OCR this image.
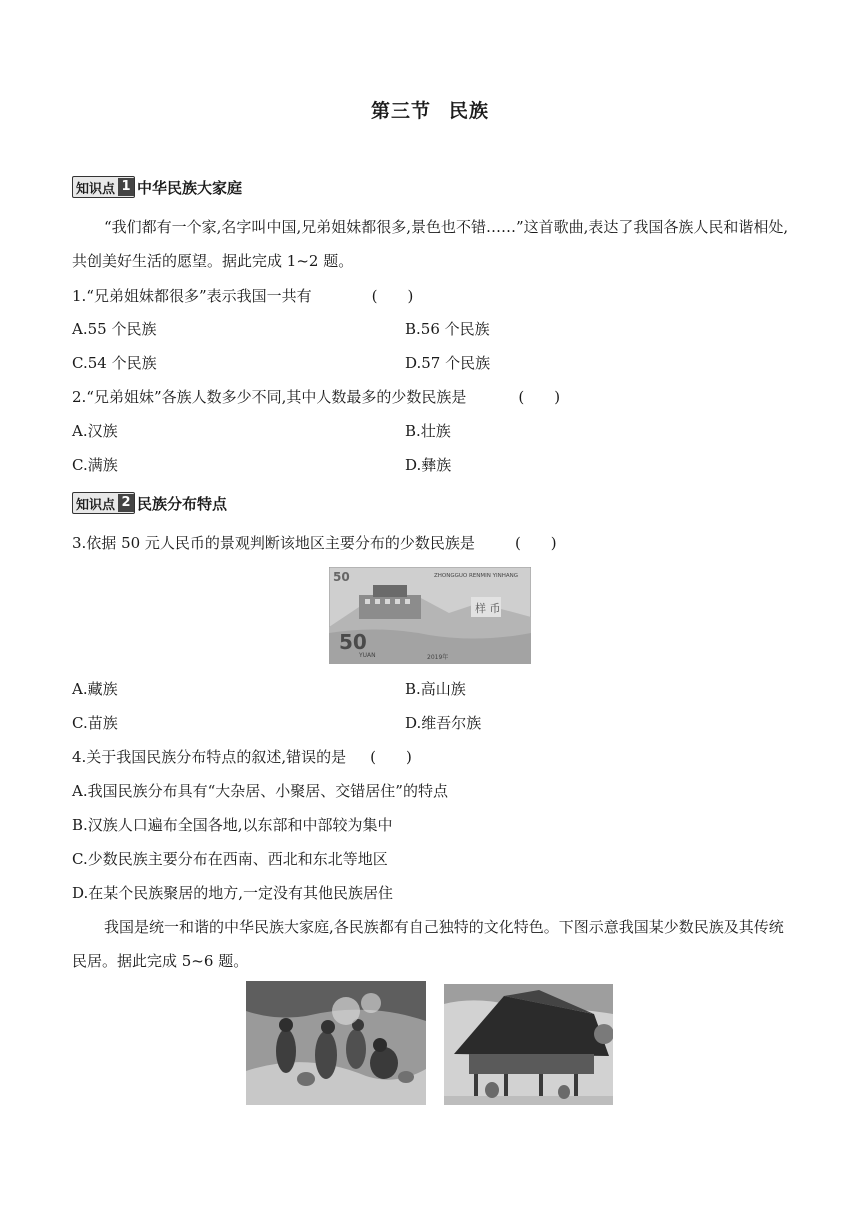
第三节 民族
知识点 1 中华民族大家庭
“我们都有一个家,名字叫中国,兄弟姐妹都很多,景色也不错……”这首歌曲,表达了我国各族人民和谐相处,共创美好生活的愿望。据此完成 1~2 题。
1.“兄弟姐妹都很多”表示我国一共有	(　　)
A.55 个民族	B.56 个民族
C.54 个民族	D.57 个民族
2.“兄弟姐妹”各族人数多少不同,其中人数最多的少数民族是	(　　)
A.汉族	B.壮族
C.满族	D.彝族
知识点 2 民族分布特点
3.依据 50 元人民币的景观判断该地区主要分布的少数民族是	(　　)
50	ZHONGGUO RENMIN YINHANG
样 币
50
YUAN	2019年
A.藏族	B.高山族
C.苗族	D.维吾尔族
4.关于我国民族分布特点的叙述,错误的是 (　　)
A.我国民族分布具有“大杂居、小聚居、交错居住”的特点
B.汉族人口遍布全国各地,以东部和中部较为集中
C.少数民族主要分布在西南、西北和东北等地区
D.在某个民族聚居的地方,一定没有其他民族居住
我国是统一和谐的中华民族大家庭,各民族都有自己独特的文化特色。下图示意我国某少数民族及其传统民居。据此完成 5~6 题。
